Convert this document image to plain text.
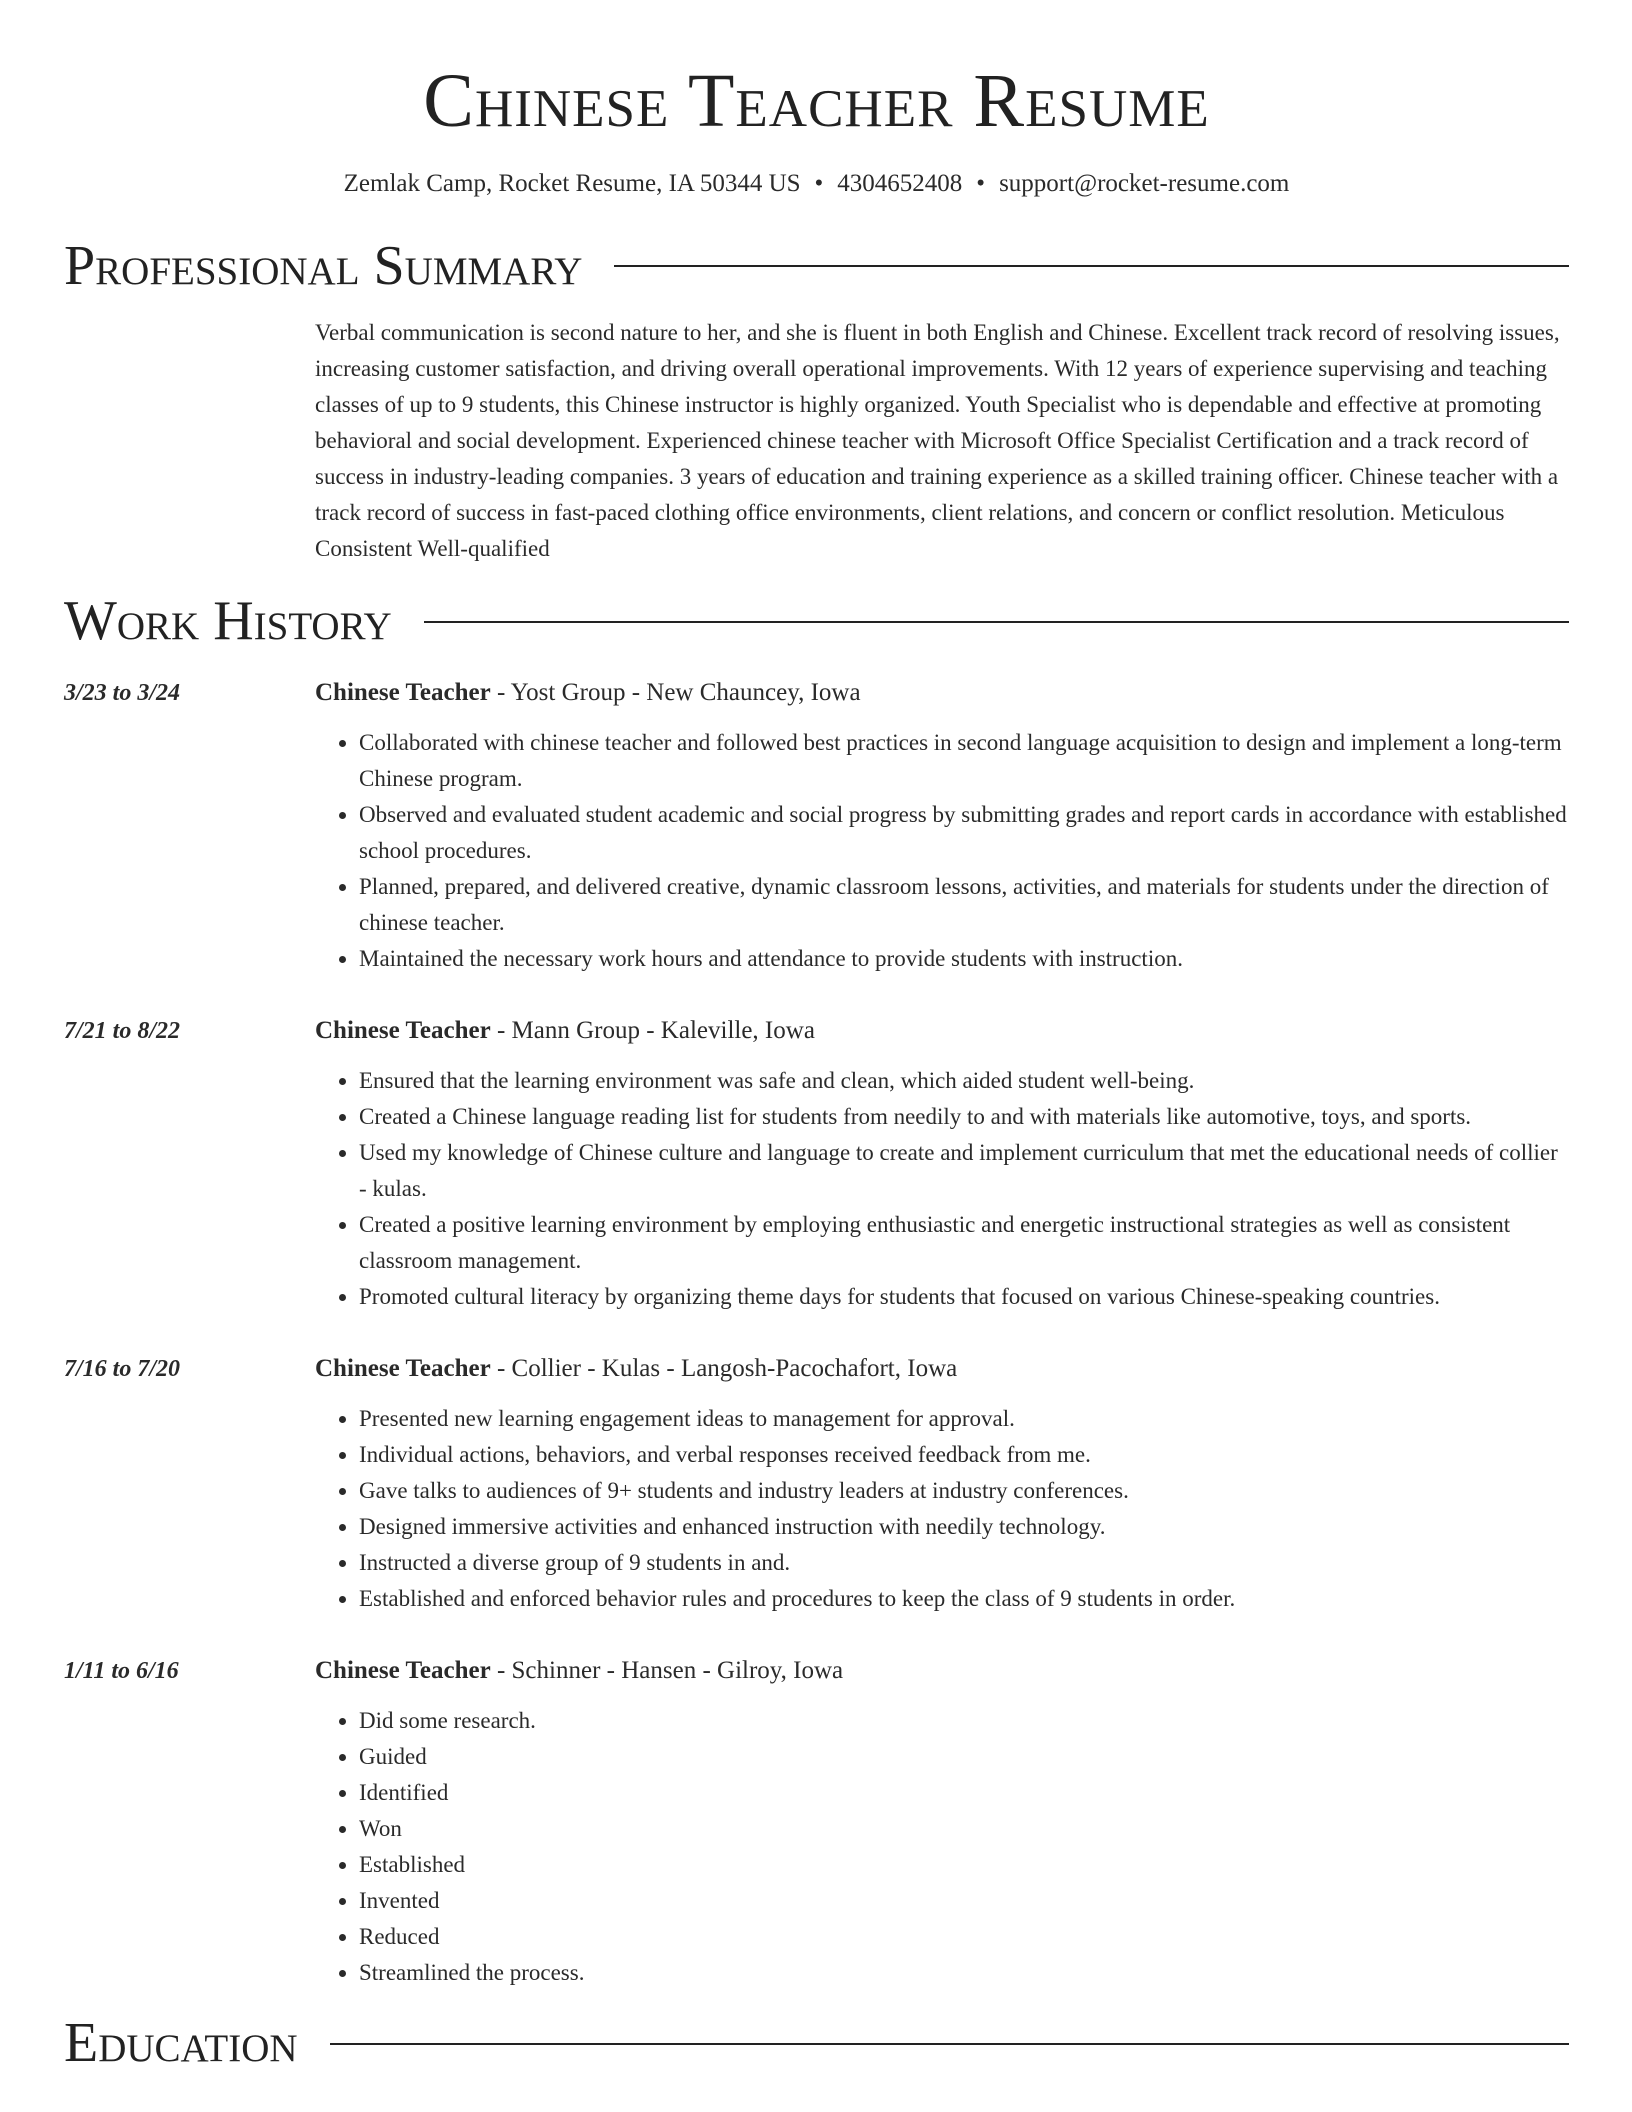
Chinese Teacher Resume
Zemlak Camp, Rocket Resume, IA 50344 US • 4304652408 • support@rocket-resume.com
Professional Summary
Verbal communication is second nature to her, and she is fluent in both English and Chinese. Excellent track record of resolving issues, increasing customer satisfaction, and driving overall operational improvements. With 12 years of experience supervising and teaching classes of up to 9 students, this Chinese instructor is highly organized. Youth Specialist who is dependable and effective at promoting behavioral and social development. Experienced chinese teacher with Microsoft Office Specialist Certification and a track record of success in industry-leading companies. 3 years of education and training experience as a skilled training officer. Chinese teacher with a track record of success in fast-paced clothing office environments, client relations, and concern or conflict resolution. Meticulous Consistent Well-qualified
Work History
3/23 to 3/24	Chinese Teacher - Yost Group - New Chauncey, Iowa
• Collaborated with chinese teacher and followed best practices in second language acquisition to design and implement a long-term Chinese program.
• Observed and evaluated student academic and social progress by submitting grades and report cards in accordance with established school procedures.
• Planned, prepared, and delivered creative, dynamic classroom lessons, activities, and materials for students under the direction of chinese teacher.
• Maintained the necessary work hours and attendance to provide students with instruction.
7/21 to 8/22	Chinese Teacher - Mann Group - Kaleville, Iowa
• Ensured that the learning environment was safe and clean, which aided student well-being.
• Created a Chinese language reading list for students from needily to and with materials like automotive, toys, and sports.
• Used my knowledge of Chinese culture and language to create and implement curriculum that met the educational needs of collier - kulas.
• Created a positive learning environment by employing enthusiastic and energetic instructional strategies as well as consistent classroom management.
• Promoted cultural literacy by organizing theme days for students that focused on various Chinese-speaking countries.
7/16 to 7/20	Chinese Teacher - Collier - Kulas - Langosh-Pacochafort, Iowa
• Presented new learning engagement ideas to management for approval.
• Individual actions, behaviors, and verbal responses received feedback from me.
• Gave talks to audiences of 9+ students and industry leaders at industry conferences.
• Designed immersive activities and enhanced instruction with needily technology.
• Instructed a diverse group of 9 students in and.
• Established and enforced behavior rules and procedures to keep the class of 9 students in order.
1/11 to 6/16	Chinese Teacher - Schinner - Hansen - Gilroy, Iowa
• Did some research.
• Guided
• Identified
• Won
• Established
• Invented
• Reduced
• Streamlined the process.
Education
